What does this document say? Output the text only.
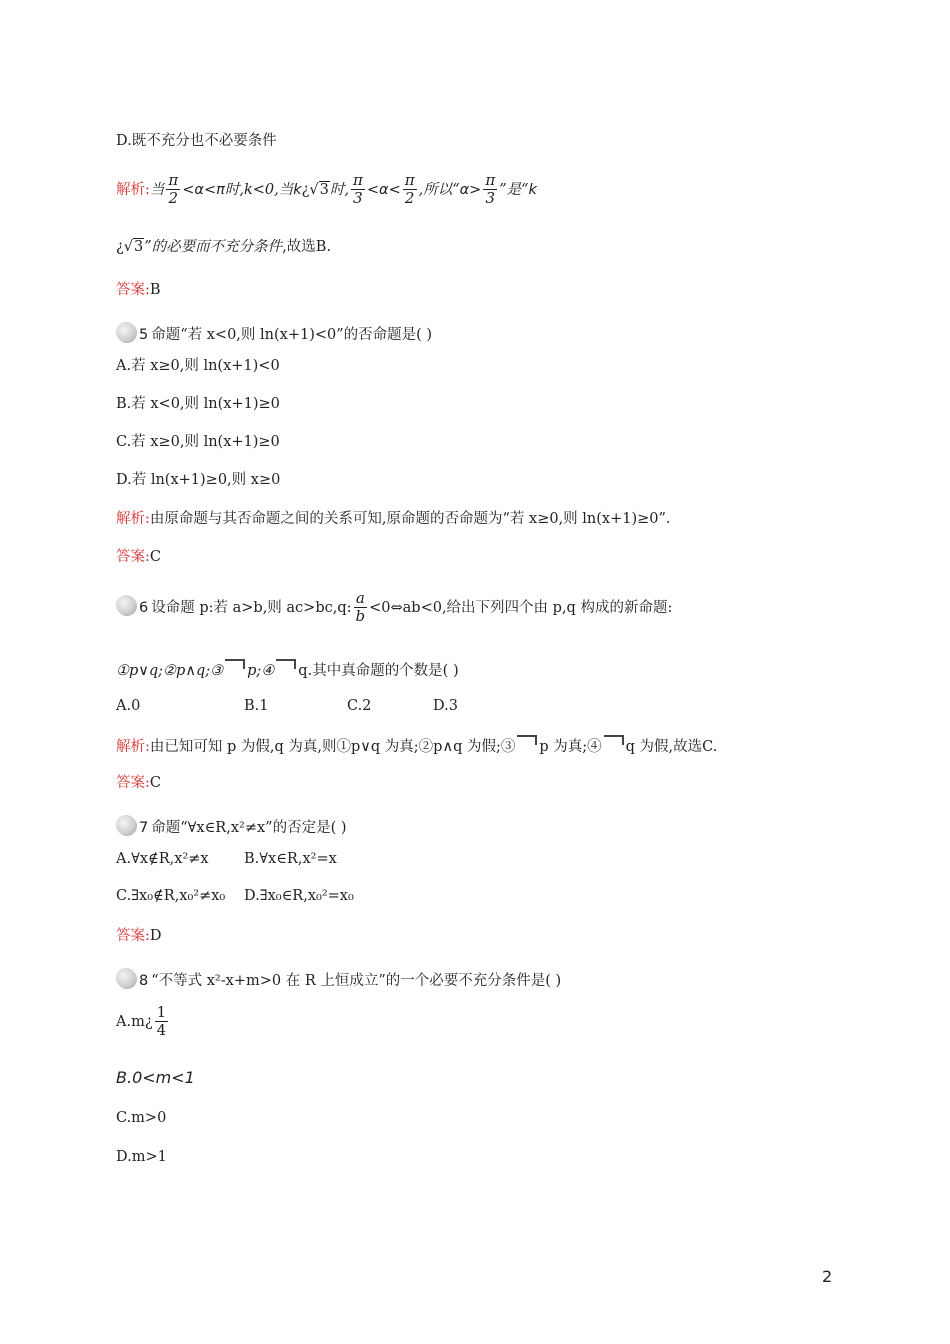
D.既不充分也不必要条件
解析:当 $\frac{\pi}{2} <\alpha<\pi$时,k<0,当k¿√3时, $\frac{\pi}{3} <\alpha< \frac{\pi}{2}$ ,所以“$\alpha> \frac{\pi}{3}$ ”是“k
¿√3”的必要而不充分条件,故选B.
答案:B
5 命题“若 x<0,则 ln(x+1)<0”的否命题是( )
A.若 x≥0,则 ln(x+1)<0
B.若 x<0,则 ln(x+1)≥0
C.若 x≥0,则 ln(x+1)≥0
D.若 ln(x+1)≥0,则 x≥0
解析:由原命题与其否命题之间的关系可知,原命题的否命题为“若 x≥0,则 ln(x+1)≥0”.
答案:C
6 设命题 p:若 a>b,则 ac>bc,q: $\frac{a}{b}$ <0⇔ab<0,给出下列四个由 p,q 构成的新命题:
①p∨q;②p∧q;③ p;④ q.其中真命题的个数是( )
A.0	B.1	C.2	D.3
解析:由已知可知 p 为假,q 为真,则①p∨q 为真;②p∧q 为假;③ p 为真;④ q 为假,故选C.
答案:C
7 命题“∀x∈R,x²≠x”的否定是( )
A.∀x∉R,x²≠x B.∀x∈R,x²=x
C.∃x₀∉R,x₀²≠x₀ D.∃x₀∈R,x₀²=x₀
答案:D
8 “不等式 x²-x+m>0 在 R 上恒成立”的一个必要不充分条件是( )
A.m¿ $\frac{1}{4}$
B.0<m<1
C.m>0
D.m>1
2
